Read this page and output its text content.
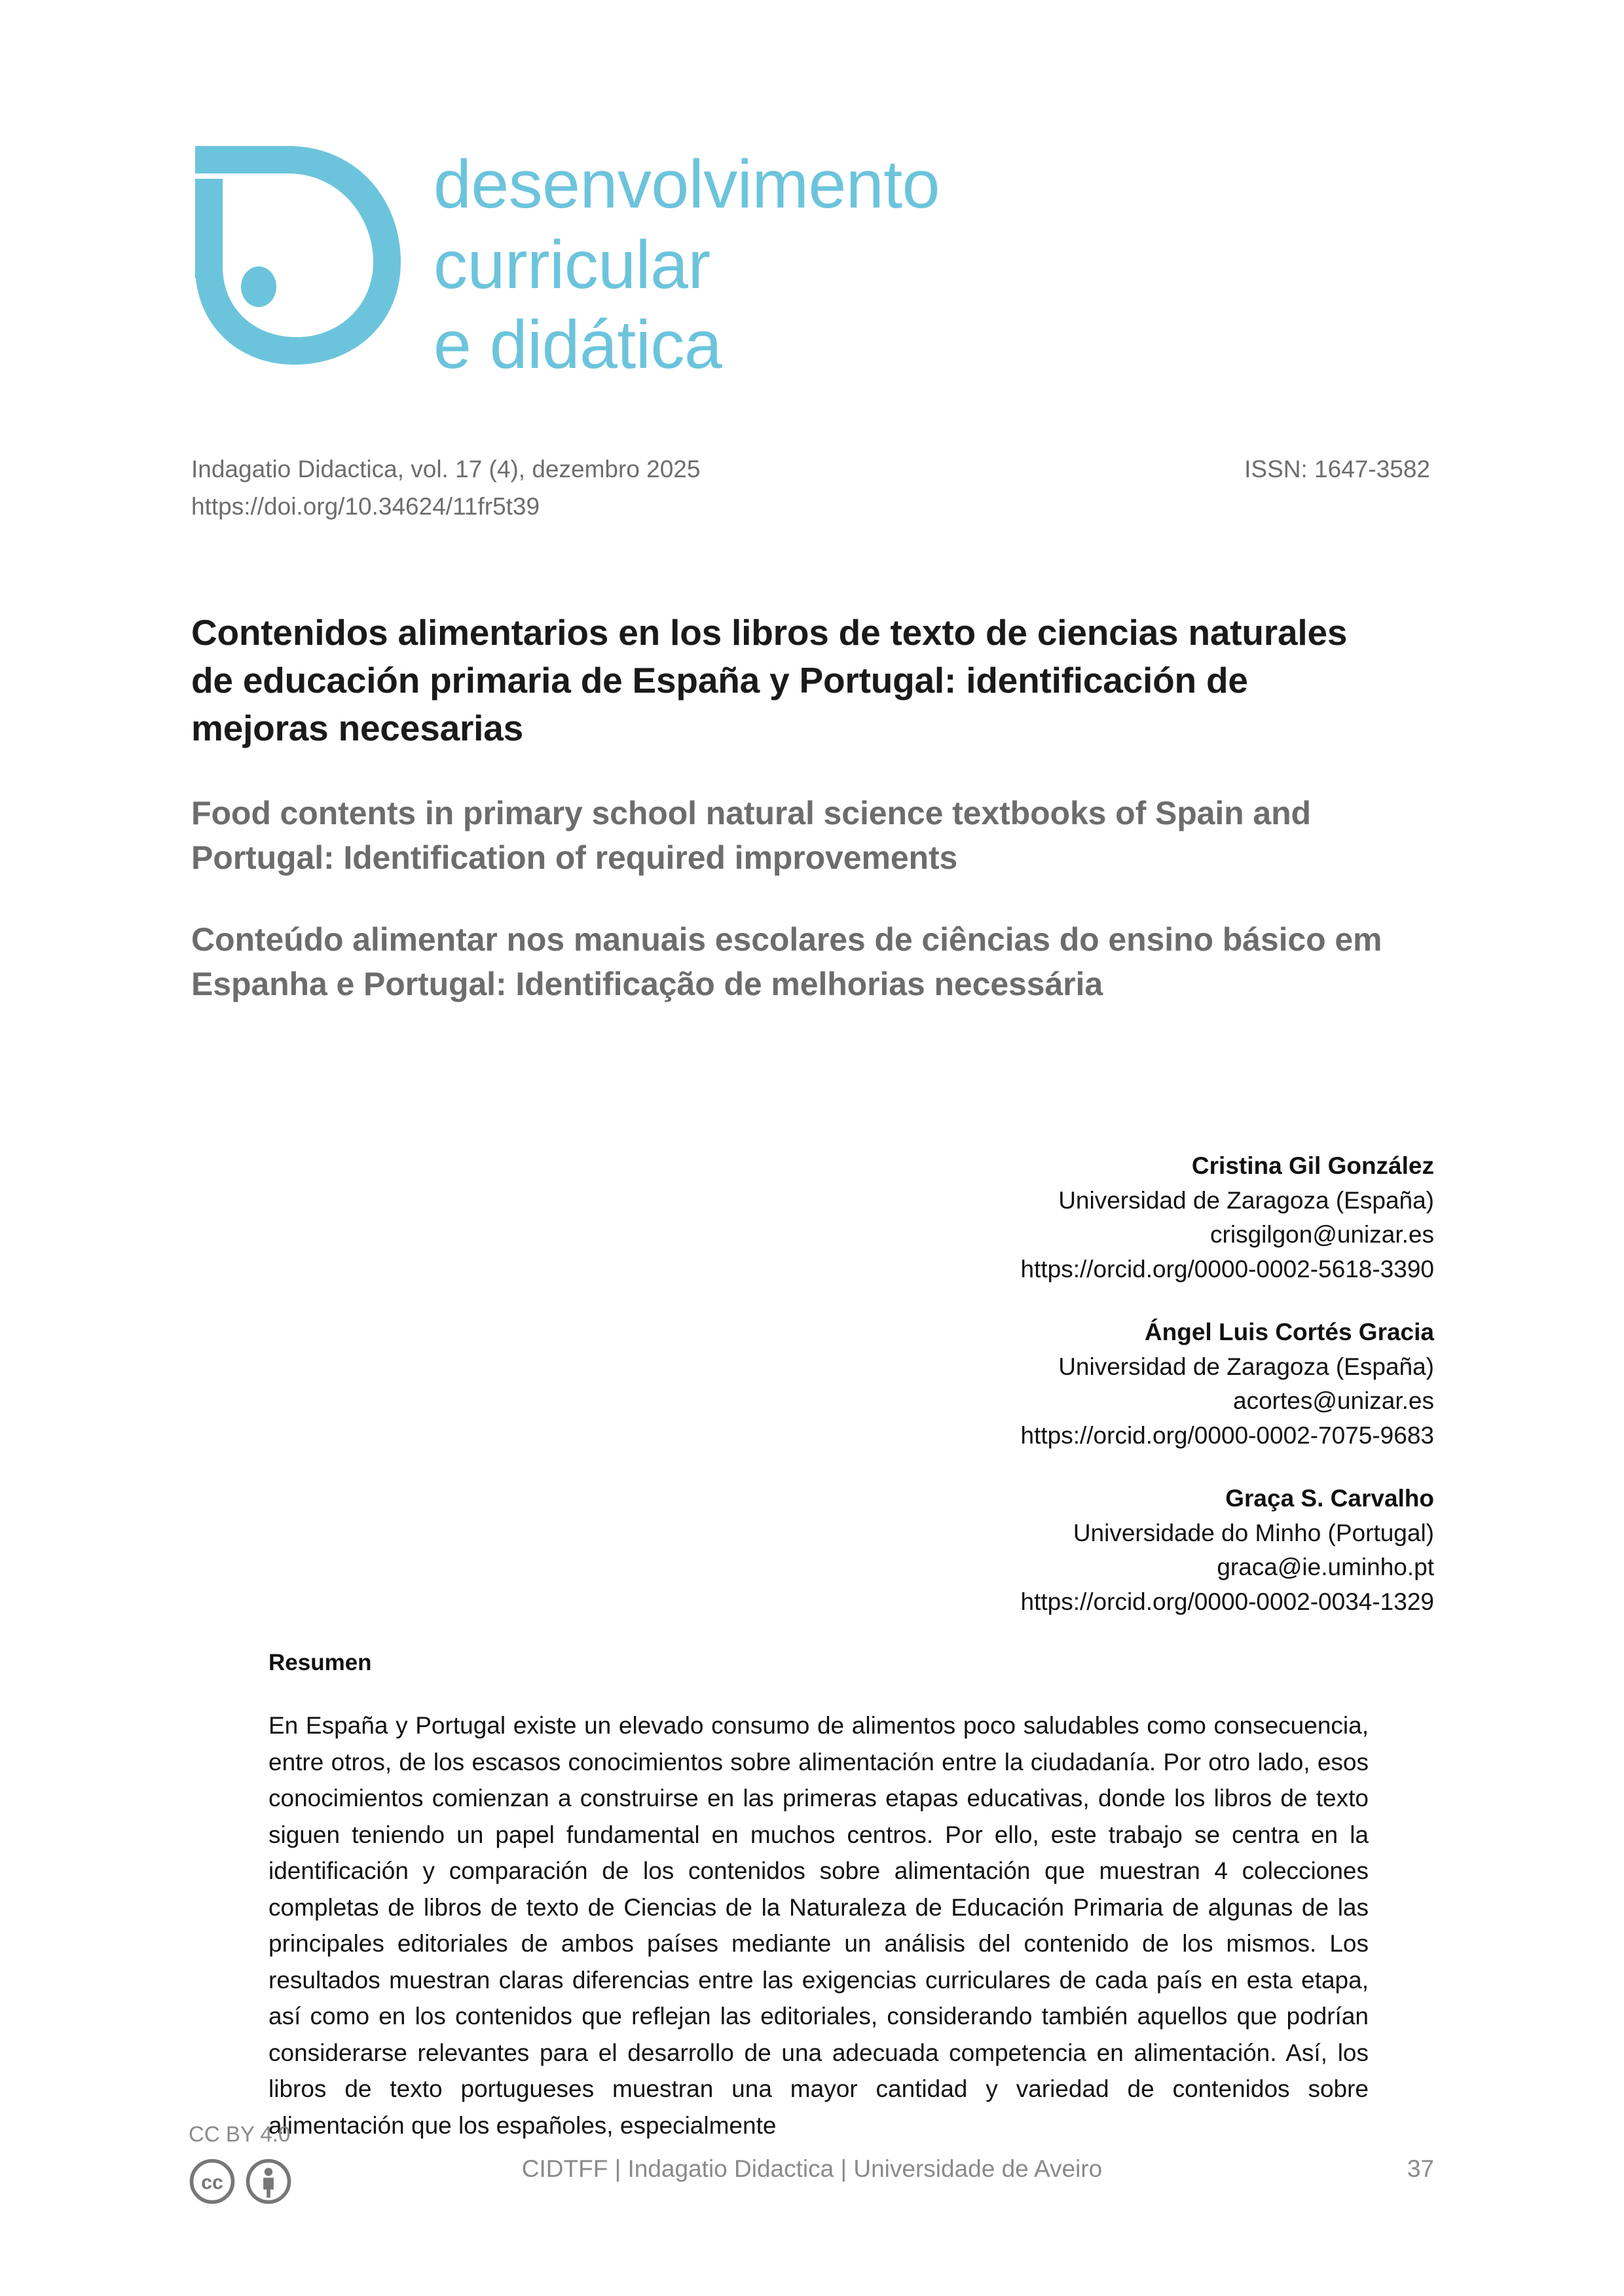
desenvolvimento
curricular
e didática
Indagatio Didactica, vol. 17 (4), dezembro 2025	ISSN: 1647-3582
https://doi.org/10.34624/11fr5t39
Contenidos alimentarios en los libros de texto de ciencias naturales de educación primaria de España y Portugal: identificación de mejoras necesarias
Food contents in primary school natural science textbooks of Spain and Portugal: Identification of required improvements
Conteúdo alimentar nos manuais escolares de ciências do ensino básico em Espanha e Portugal: Identificação de melhorias necessária
Cristina Gil González
Universidad de Zaragoza (España)
crisgilgon@unizar.es
https://orcid.org/0000-0002-5618-3390
Ángel Luis Cortés Gracia
Universidad de Zaragoza (España)
acortes@unizar.es
https://orcid.org/0000-0002-7075-9683
Graça S. Carvalho
Universidade do Minho (Portugal)
graca@ie.uminho.pt
https://orcid.org/0000-0002-0034-1329
Resumen

En España y Portugal existe un elevado consumo de alimentos poco saludables como consecuencia, entre otros, de los escasos conocimientos sobre alimentación entre la ciudadanía. Por otro lado, esos conocimientos comienzan a construirse en las primeras etapas educativas, donde los libros de texto siguen teniendo un papel fundamental en muchos centros. Por ello, este trabajo se centra en la identificación y comparación de los contenidos sobre alimentación que muestran 4 colecciones completas de libros de texto de Ciencias de la Naturaleza de Educación Primaria de algunas de las principales editoriales de ambos países mediante un análisis del contenido de los mismos. Los resultados muestran claras diferencias entre las exigencias curriculares de cada país en esta etapa, así como en los contenidos que reflejan las editoriales, considerando también aquellos que podrían considerarse relevantes para el desarrollo de una adecuada competencia en alimentación. Así, los libros de texto portugueses muestran una mayor cantidad y variedad de contenidos sobre alimentación que los españoles, especialmente

CC BY 4.0
cc
CIDTFF | Indagatio Didactica | Universidade de Aveiro	37
